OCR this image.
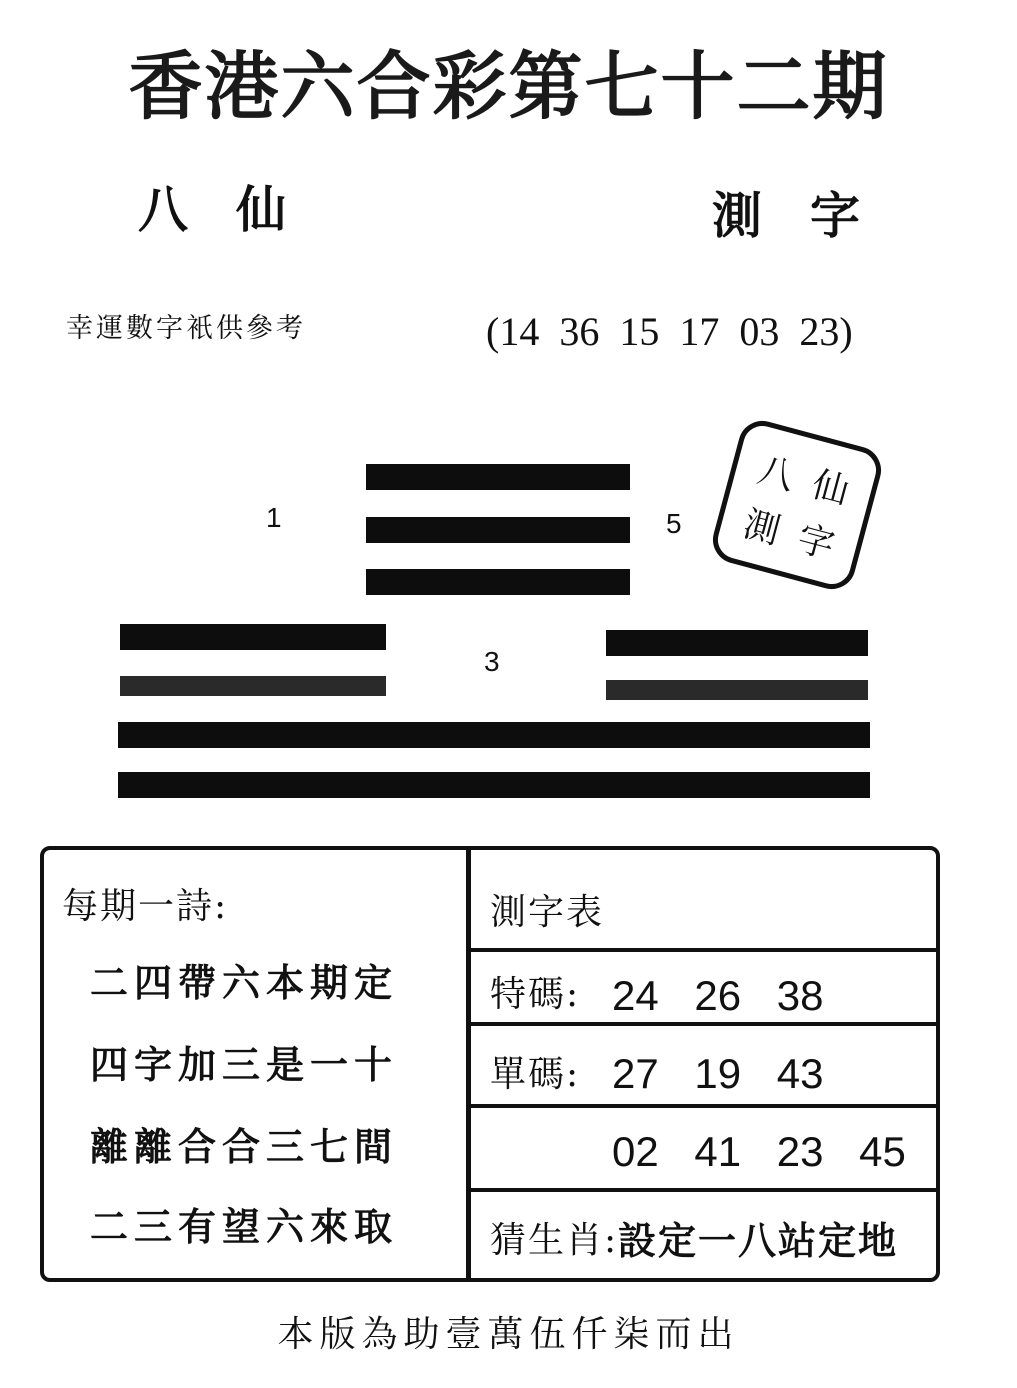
香港六合彩第七十二期
八仙	測字
幸運數字衹供參考	(14 36 15 17 03 23)
1	5
3
八 仙
測 字
每期一詩:
二四帶六本期定
四字加三是一十
離離合合三七間
二三有望六來取
測字表
特碼: 24 26 38
單碼: 27 19 43
02 41 23 45
猜生肖: 設定一八站定地
本版為助壹萬伍仟柒而出
